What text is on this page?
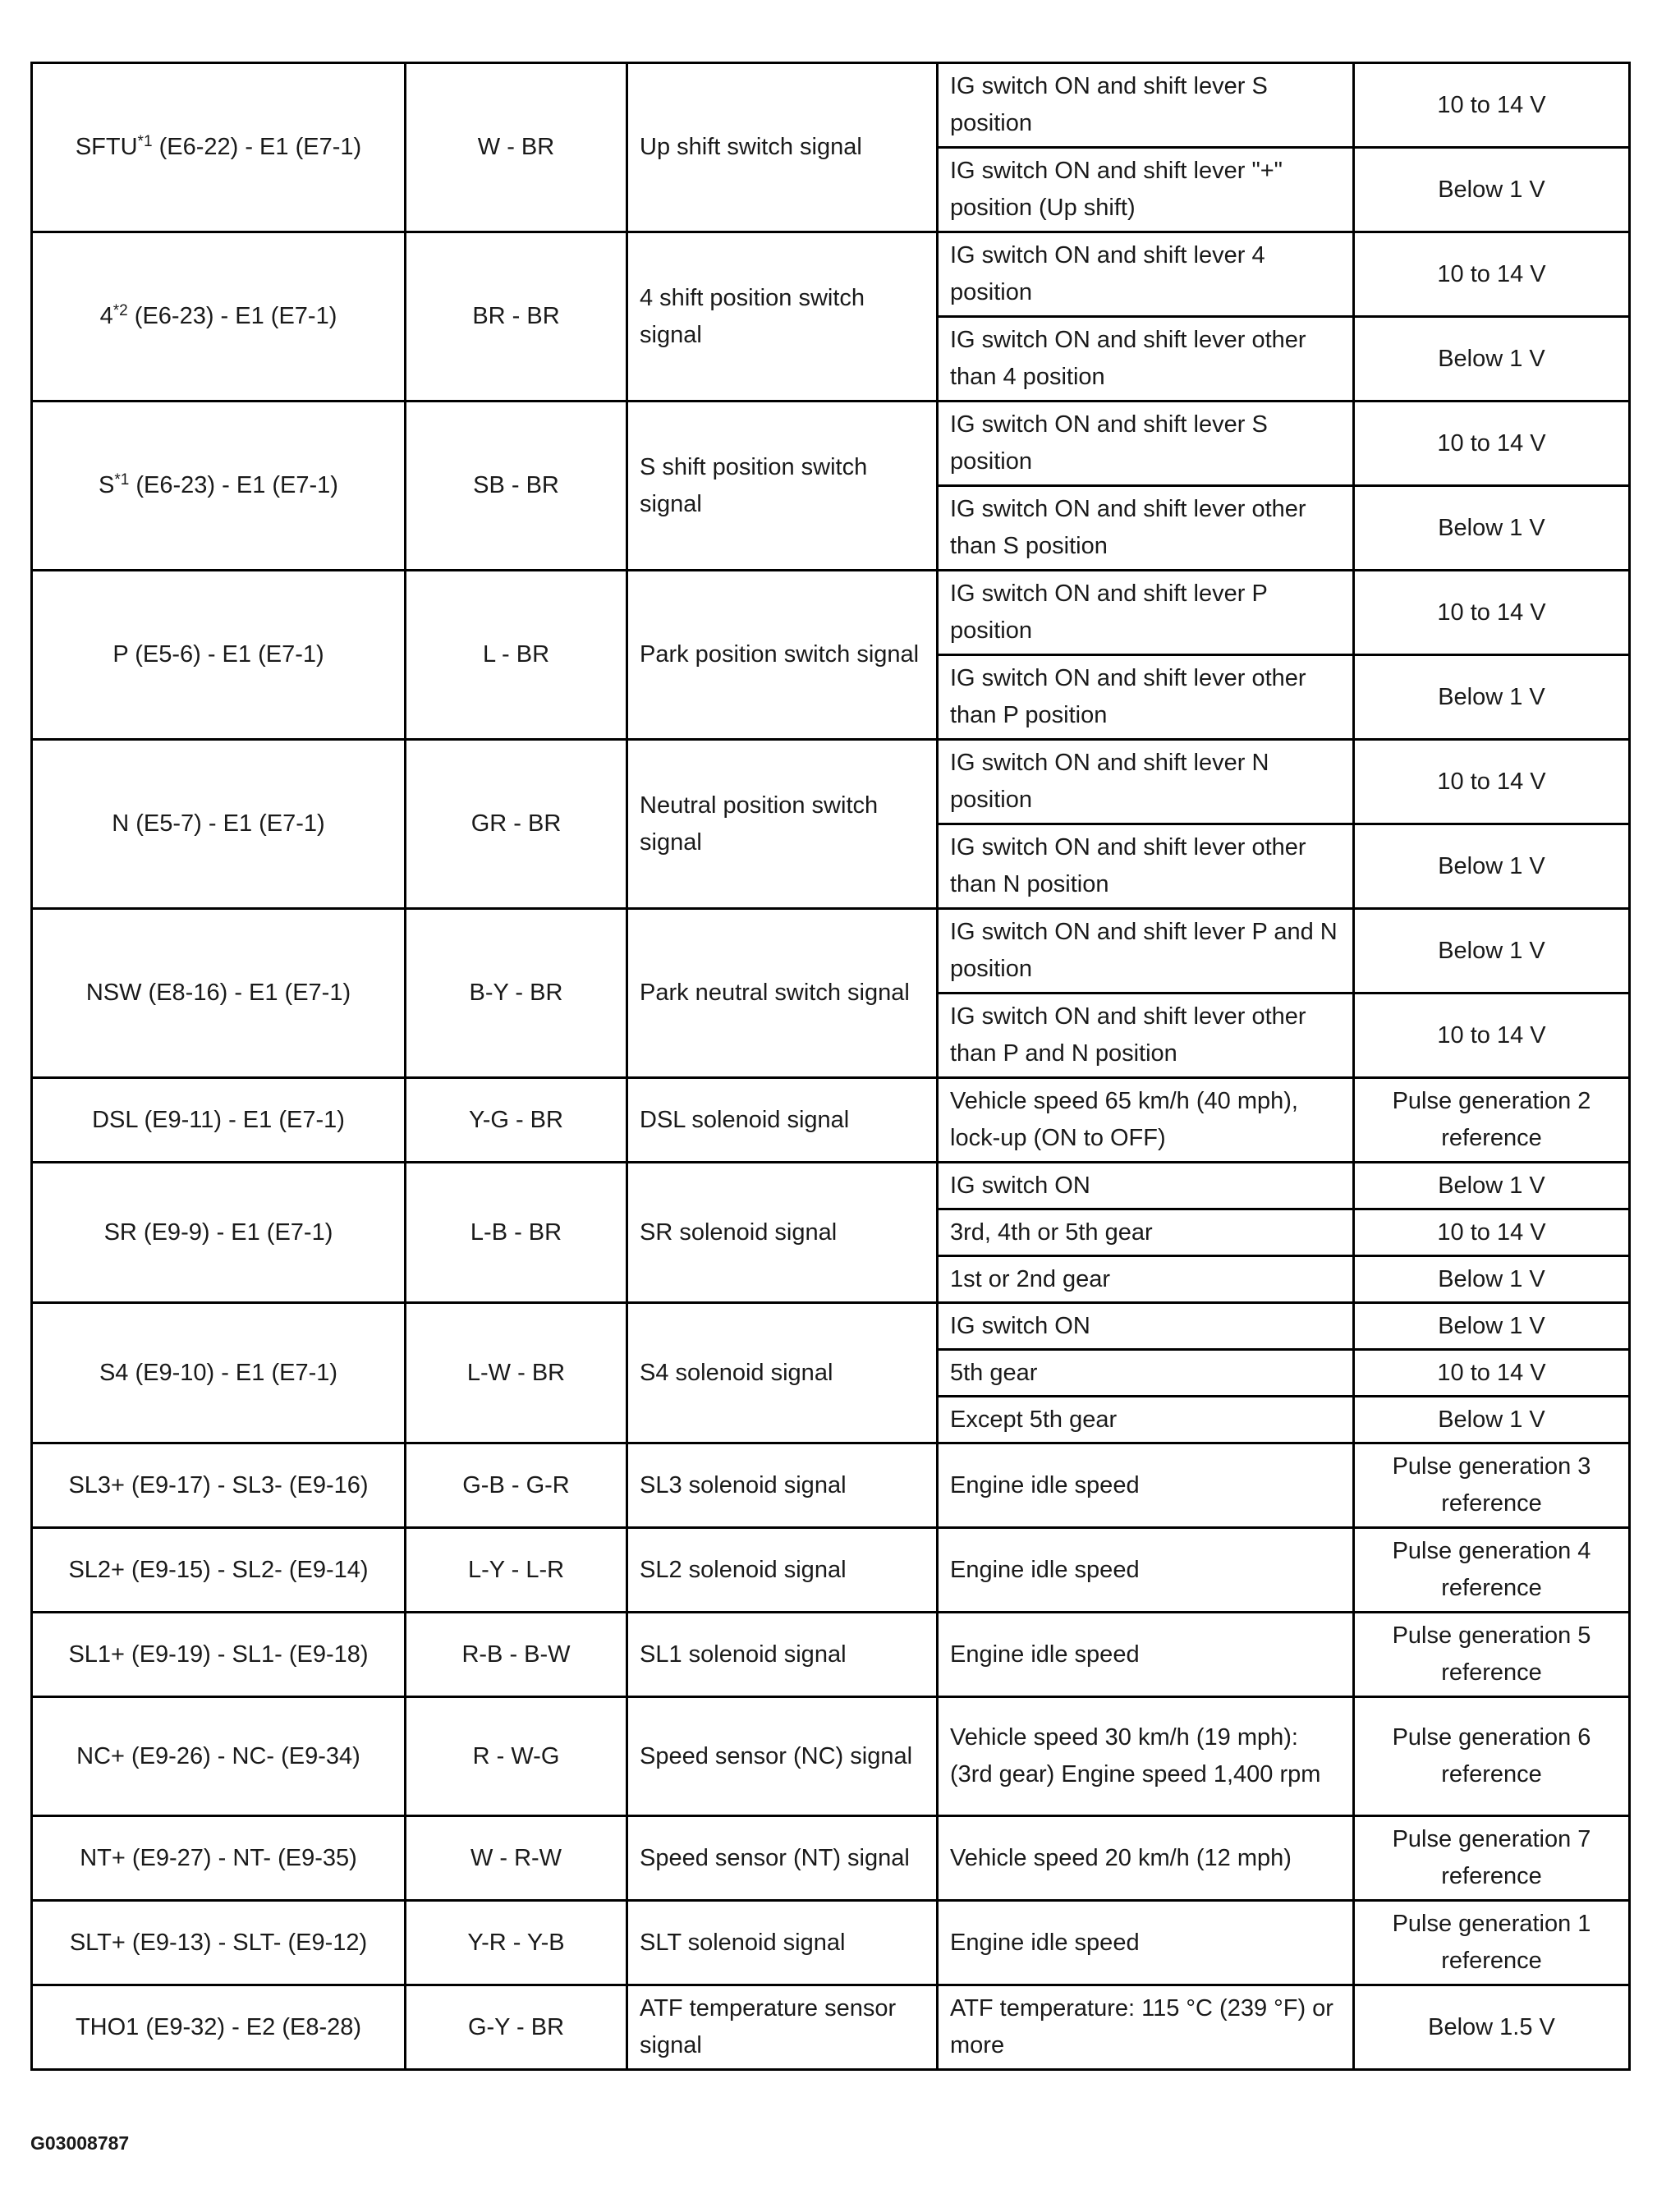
SFTU$^{*1}$ (E6-22) - E1 (E7-1)	W - BR	Up shift switch signal	IG switch ON and shift lever S position	10 to 14 V
			IG switch ON and shift lever "+" position (Up shift)	Below 1 V
4$^{*2}$ (E6-23) - E1 (E7-1)	BR - BR	4 shift position switch signal	IG switch ON and shift lever 4 position	10 to 14 V
			IG switch ON and shift lever other than 4 position	Below 1 V
$S^{*1}$ (E6-23) - E1 (E7-1)	SB - BR	S shift position switch signal	IG switch ON and shift lever S position	10 to 14 V
			IG switch ON and shift lever other than S position	Below 1 V
P (E5-6) - E1 (E7-1)	L - BR	Park position switch signal	IG switch ON and shift lever P position	10 to 14 V
			IG switch ON and shift lever other than P position	Below 1 V
N (E5-7) - E1 (E7-1)	GR - BR	Neutral position switch signal	IG switch ON and shift lever N position	10 to 14 V
			IG switch ON and shift lever other than N position	Below 1 V
NSW (E8-16) - E1 (E7-1)	B-Y - BR	Park neutral switch signal	IG switch ON and shift lever P and N position	Below 1 V
			IG switch ON and shift lever other than P and N position	10 to 14 V
DSL (E9-11) - E1 (E7-1)	Y-G - BR	DSL solenoid signal	Vehicle speed 65 km/h (40 mph), lock-up (ON to OFF)	Pulse generation 2 reference
SR (E9-9) - E1 (E7-1)	L-B - BR	SR solenoid signal	IG switch ON	Below 1 V
			3rd, 4th or 5th gear	10 to 14 V
			1st or 2nd gear	Below 1 V
S4 (E9-10) - E1 (E7-1)	L-W - BR	S4 solenoid signal	IG switch ON	Below 1 V
			5th gear	10 to 14 V
			Except 5th gear	Below 1 V
SL3+ (E9-17) - SL3- (E9-16)	G-B - G-R	SL3 solenoid signal	Engine idle speed	Pulse generation 3 reference
SL2+ (E9-15) - SL2- (E9-14)	L-Y - L-R	SL2 solenoid signal	Engine idle speed	Pulse generation 4 reference
SL1+ (E9-19) - SL1- (E9-18)	R-B - B-W	SL1 solenoid signal	Engine idle speed	Pulse generation 5 reference
NC+ (E9-26) - NC- (E9-34)	R - W-G	Speed sensor (NC) signal	Vehicle speed 30 km/h (19 mph): (3rd gear) Engine speed 1,400 rpm	Pulse generation 6 reference
NT+ (E9-27) - NT- (E9-35)	W - R-W	Speed sensor (NT) signal	Vehicle speed 20 km/h (12 mph)	Pulse generation 7 reference
SLT+ (E9-13) - SLT- (E9-12)	Y-R - Y-B	SLT solenoid signal	Engine idle speed	Pulse generation 1 reference
THO1 (E9-32) - E2 (E8-28)	G-Y - BR	ATF temperature sensor signal	ATF temperature: 115 °C (239 °F) or more	Below 1.5 V
G03008787
